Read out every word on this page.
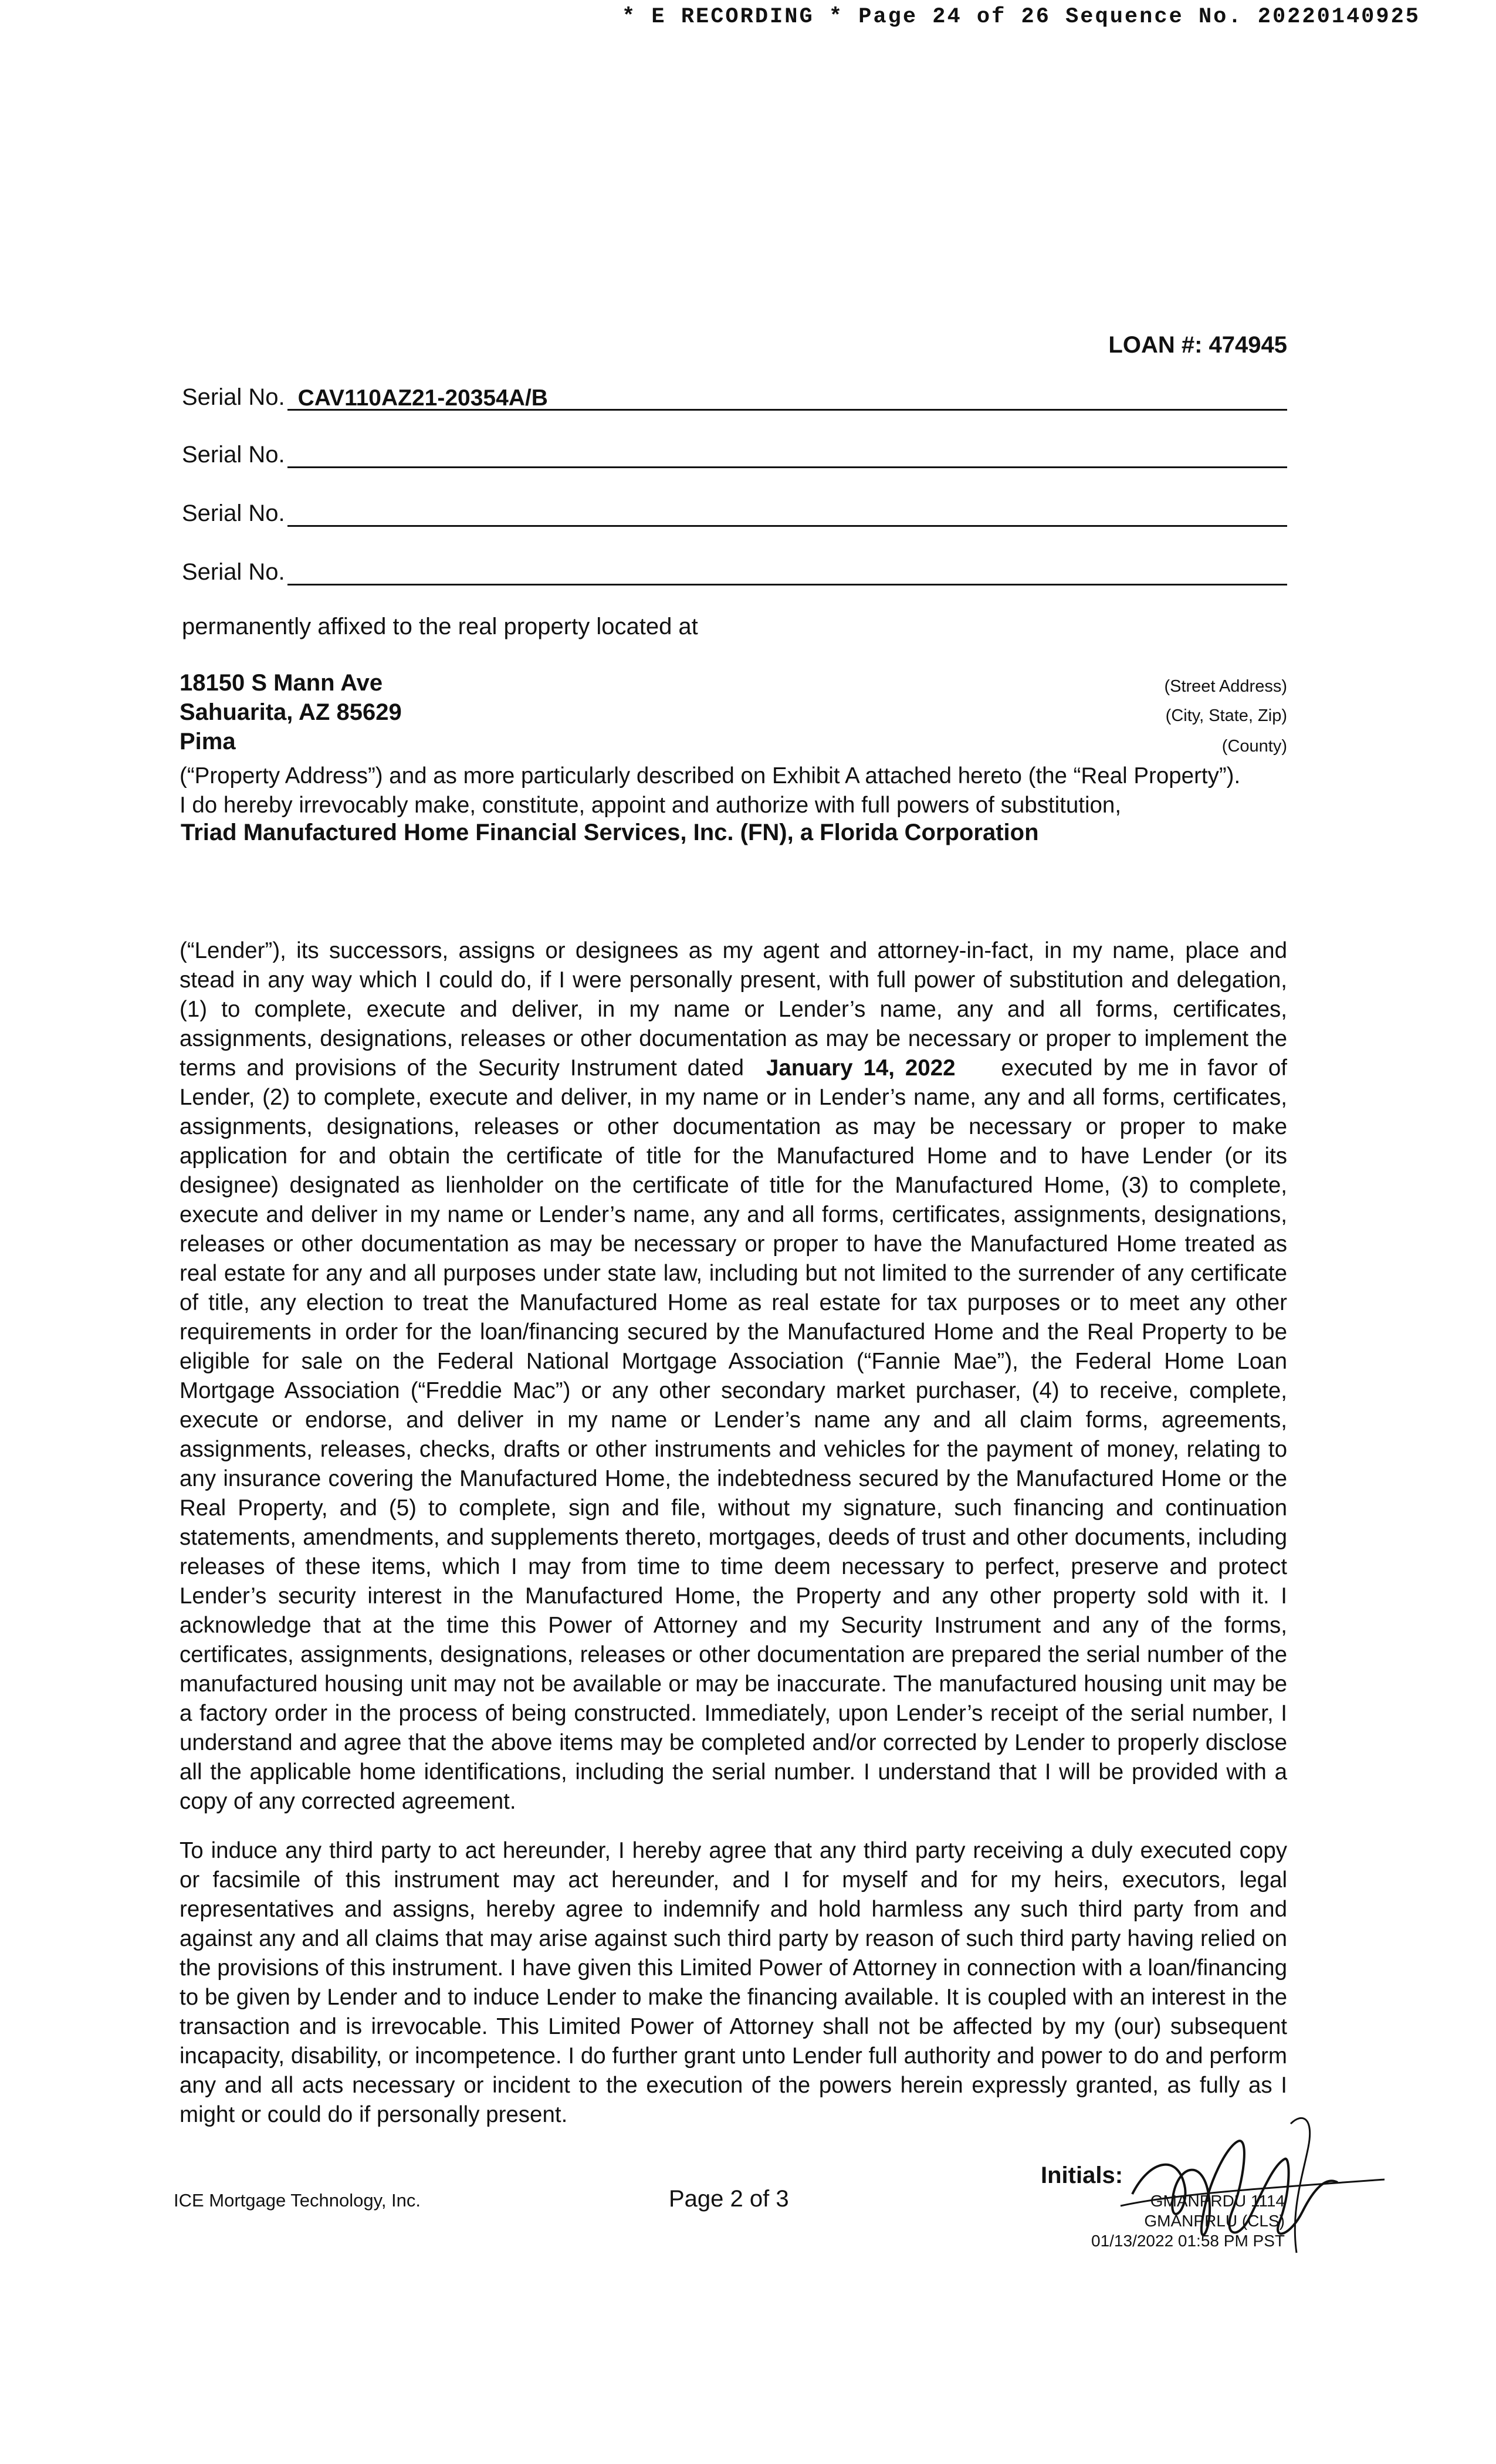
* E RECORDING * Page 24 of 26 Sequence No. 20220140925
LOAN #: 474945
Serial No. CAV110AZ21-20354A/B
Serial No.
Serial No.
Serial No.
permanently affixed to the real property located at
18150 S Mann Ave	(Street Address)
Sahuarita, AZ 85629	(City, State, Zip)
Pima	(County)
(“Property Address”) and as more particularly described on Exhibit A attached hereto (the “Real Property”).
I do hereby irrevocably make, constitute, appoint and authorize with full powers of substitution,
Triad Manufactured Home Financial Services, Inc. (FN), a Florida Corporation
(“Lender”), its successors, assigns or designees as my agent and attorney-in-fact, in my name, place and stead in any way which I could do, if I were personally present, with full power of substitution and delegation, (1) to complete, execute and deliver, in my name or Lender’s name, any and all forms, certificates, assignments, designations, releases or other documentation as may be necessary or proper to implement the terms and provisions of the Security Instrument dated January 14, 2022 executed by me in favor of Lender, (2) to complete, execute and deliver, in my name or in Lender’s name, any and all forms, certificates, assignments, designations, releases or other documentation as may be necessary or proper to make application for and obtain the certificate of title for the Manufactured Home and to have Lender (or its designee) designated as lienholder on the certificate of title for the Manufactured Home, (3) to complete, execute and deliver in my name or Lender’s name, any and all forms, certificates, assignments, designations, releases or other documentation as may be necessary or proper to have the Manufactured Home treated as real estate for any and all purposes under state law, including but not limited to the surrender of any certificate of title, any election to treat the Manufactured Home as real estate for tax purposes or to meet any other requirements in order for the loan/financing secured by the Manufactured Home and the Real Property to be eligible for sale on the Federal National Mortgage Association (“Fannie Mae”), the Federal Home Loan Mortgage Association (“Freddie Mac”) or any other secondary market purchaser, (4) to receive, complete, execute or endorse, and deliver in my name or Lender’s name any and all claim forms, agreements, assignments, releases, checks, drafts or other instruments and vehicles for the payment of money, relating to any insurance covering the Manufactured Home, the indebtedness secured by the Manufactured Home or the Real Property, and (5) to complete, sign and file, without my signature, such financing and continuation statements, amendments, and supplements thereto, mortgages, deeds of trust and other documents, including releases of these items, which I may from time to time deem necessary to perfect, preserve and protect Lender’s security interest in the Manufactured Home, the Property and any other property sold with it. I acknowledge that at the time this Power of Attorney and my Security Instrument and any of the forms, certificates, assignments, designations, releases or other documentation are prepared the serial number of the manufactured housing unit may not be available or may be inaccurate. The manufactured housing unit may be a factory order in the process of being constructed. Immediately, upon Lender’s receipt of the serial number, I understand and agree that the above items may be completed and/or corrected by Lender to properly disclose all the applicable home identifications, including the serial number. I understand that I will be provided with a copy of any corrected agreement.
To induce any third party to act hereunder, I hereby agree that any third party receiving a duly executed copy or facsimile of this instrument may act hereunder, and I for myself and for my heirs, executors, legal representatives and assigns, hereby agree to indemnify and hold harmless any such third party from and against any and all claims that may arise against such third party by reason of such third party having relied on the provisions of this instrument. I have given this Limited Power of Attorney in connection with a loan/financing to be given by Lender and to induce Lender to make the financing available. It is coupled with an interest in the transaction and is irrevocable. This Limited Power of Attorney shall not be affected by my (our) subsequent incapacity, disability, or incompetence. I do further grant unto Lender full authority and power to do and perform any and all acts necessary or incident to the execution of the powers herein expressly granted, as fully as I might or could do if personally present.
ICE Mortgage Technology, Inc.	Page 2 of 3
Initials:
GMANPRDU 1114
GMANPRLU (CLS)
01/13/2022 01:58 PM PST
